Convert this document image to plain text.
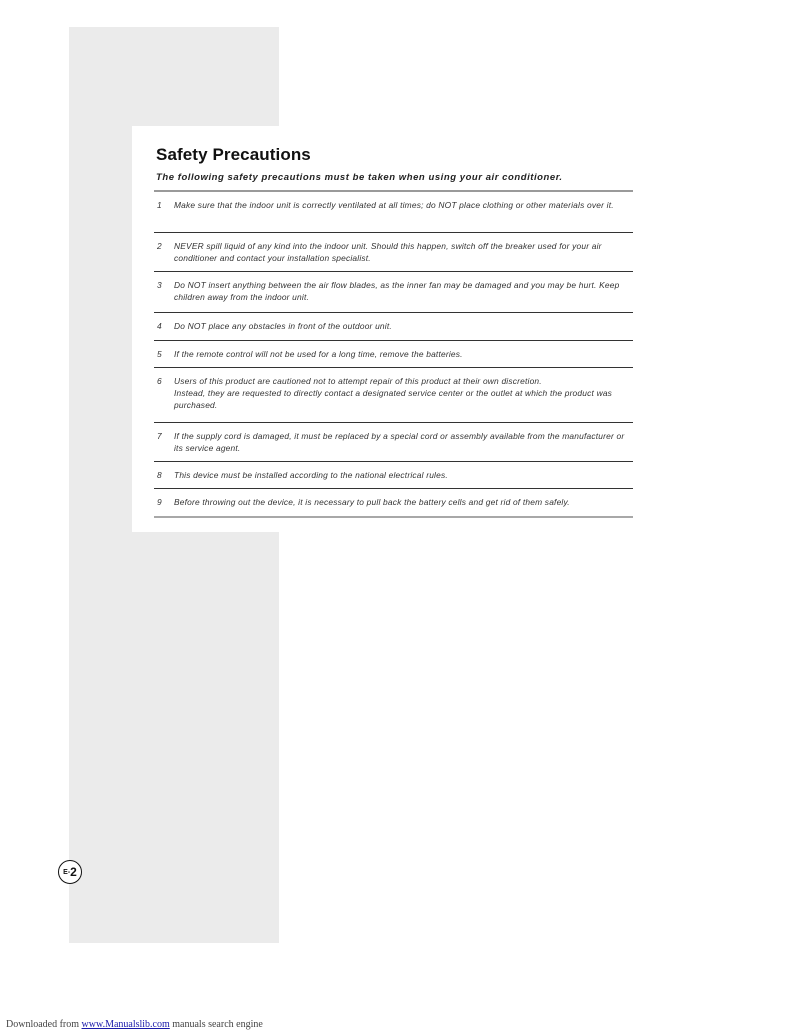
Safety Precautions
The following safety precautions must be taken when using your air conditioner.
1 Make sure that the indoor unit is correctly ventilated at all times; do NOT place clothing or other materials over it.
2 NEVER spill liquid of any kind into the indoor unit. Should this happen, switch off the breaker used for your air conditioner and contact your installation specialist.
3 Do NOT insert anything between the air flow blades, as the inner fan may be damaged and you may be hurt. Keep children away from the indoor unit.
4 Do NOT place any obstacles in front of the outdoor unit.
5 If the remote control will not be used for a long time, remove the batteries.
6 Users of this product are cautioned not to attempt repair of this product at their own discretion.
Instead, they are requested to directly contact a designated service center or the outlet at which the product was purchased.
7 If the supply cord is damaged, it must be replaced by a special cord or assembly available from the manufacturer or its service agent.
8 This device must be installed according to the national electrical rules.
9 Before throwing out the device, it is necessary to pull back the battery cells and get rid of them safely.
E- 2
Downloaded from www.Manualslib.com manuals search engine
